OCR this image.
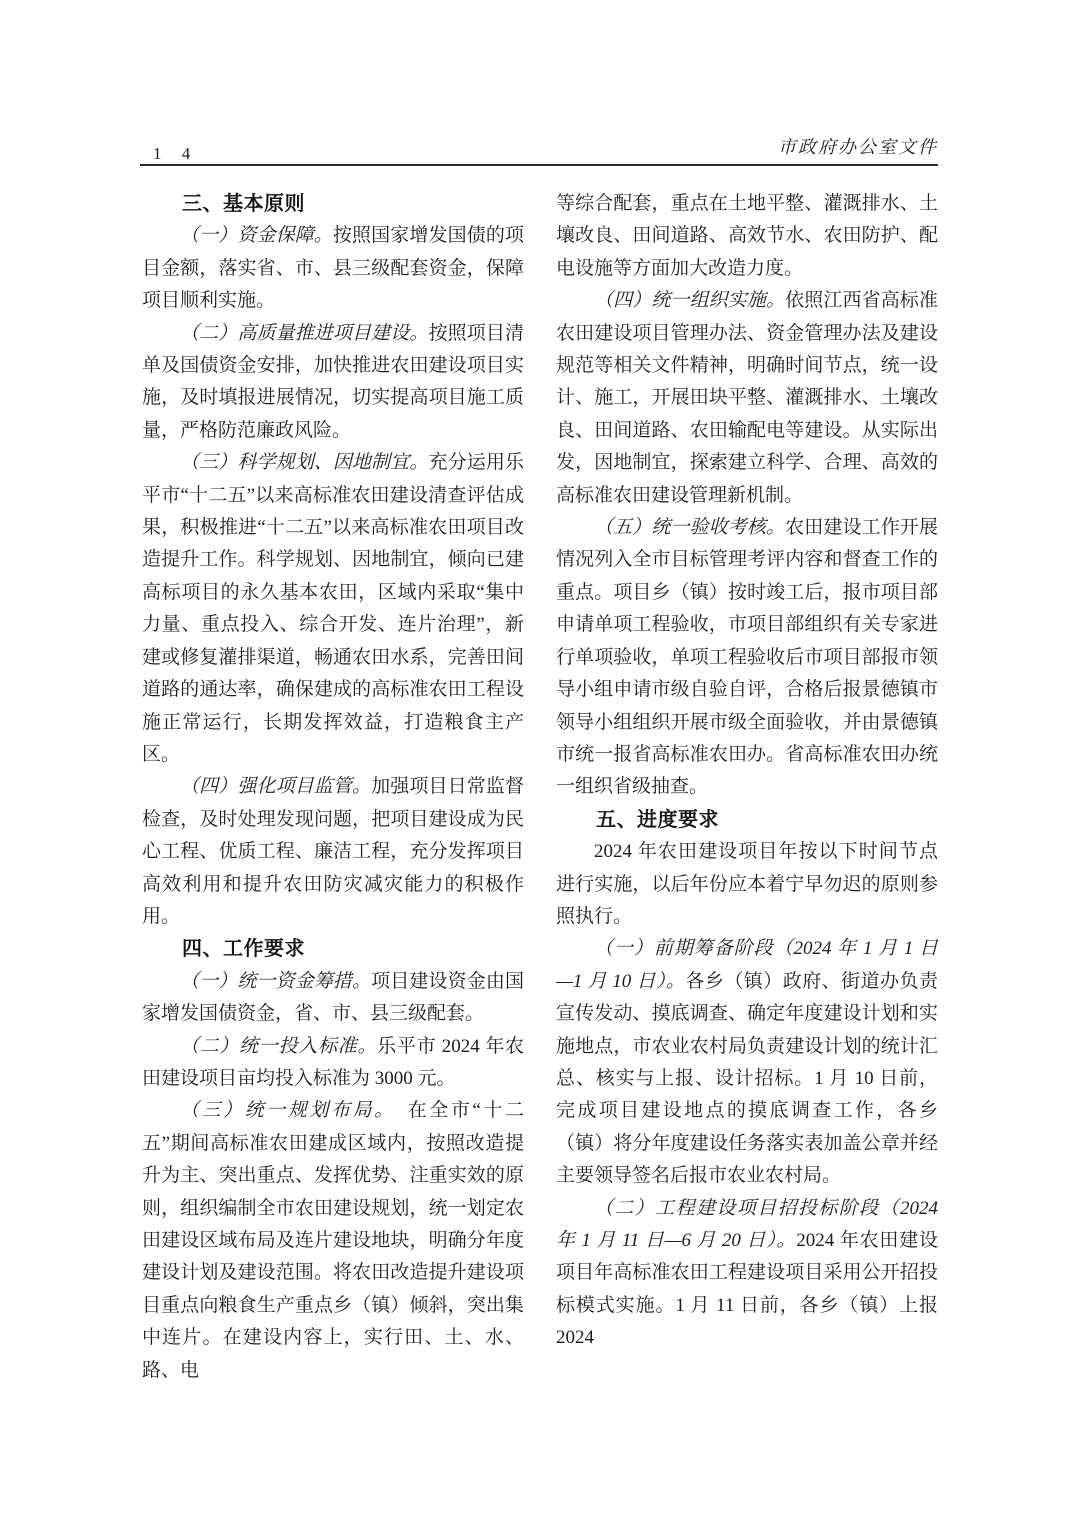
1 4	市政府办公室文件
三、基本原则

（一）资金保障。按照国家增发国债的项目金额，落实省、市、县三级配套资金，保障项目顺利实施。

（二）高质量推进项目建设。按照项目清单及国债资金安排，加快推进农田建设项目实施，及时填报进展情况，切实提高项目施工质量，严格防范廉政风险。

（三）科学规划、因地制宜。充分运用乐平市“十二五”以来高标准农田建设清查评估成果，积极推进“十二五”以来高标准农田项目改造提升工作。科学规划、因地制宜，倾向已建高标项目的永久基本农田，区域内采取“集中力量、重点投入、综合开发、连片治理”，新建或修复灌排渠道，畅通农田水系，完善田间道路的通达率，确保建成的高标准农田工程设施正常运行，长期发挥效益，打造粮食主产区。

（四）强化项目监管。加强项目日常监督检查，及时处理发现问题，把项目建设成为民心工程、优质工程、廉洁工程，充分发挥项目高效利用和提升农田防灾减灾能力的积极作用。

四、工作要求

（一）统一资金筹措。项目建设资金由国家增发国债资金，省、市、县三级配套。

（二）统一投入标准。乐平市 2024 年农田建设项目亩均投入标准为 3000 元。

（三）统一规划布局。　在全市“十二五”期间高标准农田建成区域内，按照改造提升为主、突出重点、发挥优势、注重实效的原则，组织编制全市农田建设规划，统一划定农田建设区域布局及连片建设地块，明确分年度建设计划及建设范围。将农田改造提升建设项目重点向粮食生产重点乡（镇）倾斜，突出集中连片。在建设内容上，实行田、土、水、路、电

等综合配套，重点在土地平整、灌溉排水、土壤改良、田间道路、高效节水、农田防护、配电设施等方面加大改造力度。

（四）统一组织实施。依照江西省高标准农田建设项目管理办法、资金管理办法及建设规范等相关文件精神，明确时间节点，统一设计、施工，开展田块平整、灌溉排水、土壤改良、田间道路、农田输配电等建设。从实际出发，因地制宜，探索建立科学、合理、高效的高标准农田建设管理新机制。

（五）统一验收考核。农田建设工作开展情况列入全市目标管理考评内容和督查工作的重点。项目乡（镇）按时竣工后，报市项目部申请单项工程验收，市项目部组织有关专家进行单项验收，单项工程验收后市项目部报市领导小组申请市级自验自评，合格后报景德镇市领导小组组织开展市级全面验收，并由景德镇市统一报省高标准农田办。省高标准农田办统一组织省级抽查。

五、进度要求

2024 年农田建设项目年按以下时间节点进行实施，以后年份应本着宁早勿迟的原则参照执行。

（一）前期筹备阶段（2024 年 1 月 1 日—1 月 10 日）。各乡（镇）政府、街道办负责宣传发动、摸底调查、确定年度建设计划和实施地点，市农业农村局负责建设计划的统计汇总、核实与上报、设计招标。1 月 10 日前，完成项目建设地点的摸底调查工作，各乡（镇）将分年度建设任务落实表加盖公章并经主要领导签名后报市农业农村局。

（二）工程建设项目招投标阶段（2024 年 1 月 11 日—6 月 20 日）。2024 年农田建设项目年高标准农田工程建设项目采用公开招投标模式实施。1 月 11 日前，各乡（镇）上报 2024
